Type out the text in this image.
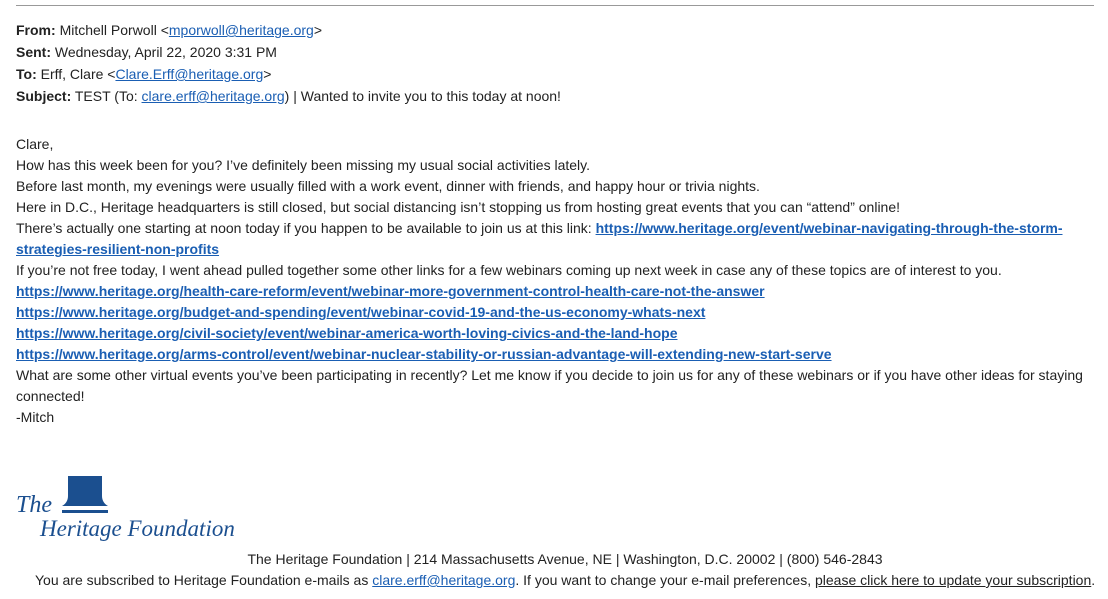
From: Mitchell Porwoll <mporwoll@heritage.org>
Sent: Wednesday, April 22, 2020 3:31 PM
To: Erff, Clare <Clare.Erff@heritage.org>
Subject: TEST (To: clare.erff@heritage.org) | Wanted to invite you to this today at noon!
Clare,
How has this week been for you? I’ve definitely been missing my usual social activities lately.
Before last month, my evenings were usually filled with a work event, dinner with friends, and happy hour or trivia nights.
Here in D.C., Heritage headquarters is still closed, but social distancing isn’t stopping us from hosting great events that you can “attend” online!
There’s actually one starting at noon today if you happen to be available to join us at this link: https://www.heritage.org/event/webinar-navigating-through-the-storm-
strategies-resilient-non-profits
If you’re not free today, I went ahead pulled together some other links for a few webinars coming up next week in case any of these topics are of interest to you.
https://www.heritage.org/health-care-reform/event/webinar-more-government-control-health-care-not-the-answer
https://www.heritage.org/budget-and-spending/event/webinar-covid-19-and-the-us-economy-whats-next
https://www.heritage.org/civil-society/event/webinar-america-worth-loving-civics-and-the-land-hope
https://www.heritage.org/arms-control/event/webinar-nuclear-stability-or-russian-advantage-will-extending-new-start-serve
What are some other virtual events you’ve been participating in recently? Let me know if you decide to join us for any of these webinars or if you have other ideas for staying
connected!
-Mitch
The
Heritage Foundation
The Heritage Foundation | 214 Massachusetts Avenue, NE | Washington, D.C. 20002 | (800) 546-2843
You are subscribed to Heritage Foundation e-mails as clare.erff@heritage.org. If you want to change your e-mail preferences, please click here to update your subscription.
